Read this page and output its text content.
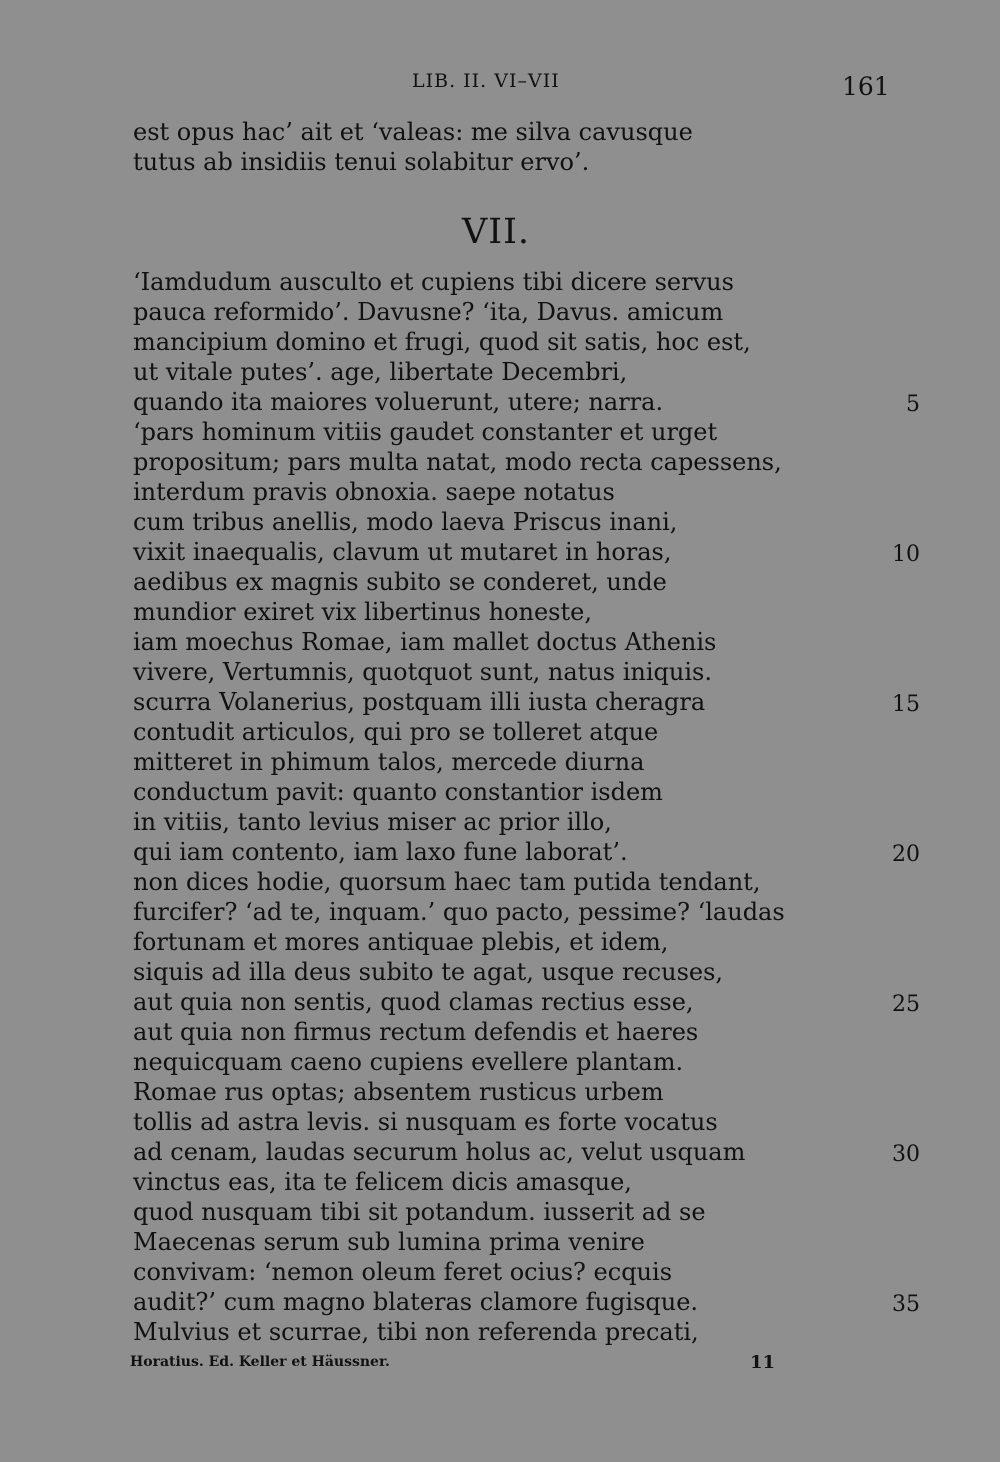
LIB. II. VI–VII	161
est opus hac’ ait et ‘valeas: me silva cavusque
tutus ab insidiis tenui solabitur ervo’.
VII.
‘Iamdudum ausculto et cupiens tibi dicere servus
pauca reformido’. Davusne? ‘ita, Davus. amicum
mancipium domino et frugi, quod sit satis, hoc est,
ut vitale putes’. age, libertate Decembri,
quando ita maiores voluerunt, utere; narra.
‘pars hominum vitiis gaudet constanter et urget
propositum; pars multa natat, modo recta capessens,
interdum pravis obnoxia. saepe notatus
cum tribus anellis, modo laeva Priscus inani,
vixit inaequalis, clavum ut mutaret in horas,
aedibus ex magnis subito se conderet, unde
mundior exiret vix libertinus honeste,
iam moechus Romae, iam mallet doctus Athenis
vivere, Vertumnis, quotquot sunt, natus iniquis.
scurra Volanerius, postquam illi iusta cheragra
contudit articulos, qui pro se tolleret atque
mitteret in phimum talos, mercede diurna
conductum pavit: quanto constantior isdem
in vitiis, tanto levius miser ac prior illo,
qui iam contento, iam laxo fune laborat’.
non dices hodie, quorsum haec tam putida tendant,
furcifer? ‘ad te, inquam.’ quo pacto, pessime? ‘laudas
fortunam et mores antiquae plebis, et idem,
siquis ad illa deus subito te agat, usque recuses,
aut quia non sentis, quod clamas rectius esse,
aut quia non firmus rectum defendis et haeres
nequicquam caeno cupiens evellere plantam.
Romae rus optas; absentem rusticus urbem
tollis ad astra levis. si nusquam es forte vocatus
ad cenam, laudas securum holus ac, velut usquam
vinctus eas, ita te felicem dicis amasque,
quod nusquam tibi sit potandum. iusserit ad se
Maecenas serum sub lumina prima venire
convivam: ‘nemon oleum feret ocius? ecquis
audit?’ cum magno blateras clamore fugisque.
Mulvius et scurrae, tibi non referenda precati,
5
10
15
20
25
30
35
Horatius. Ed. Keller et Häussner.	11
